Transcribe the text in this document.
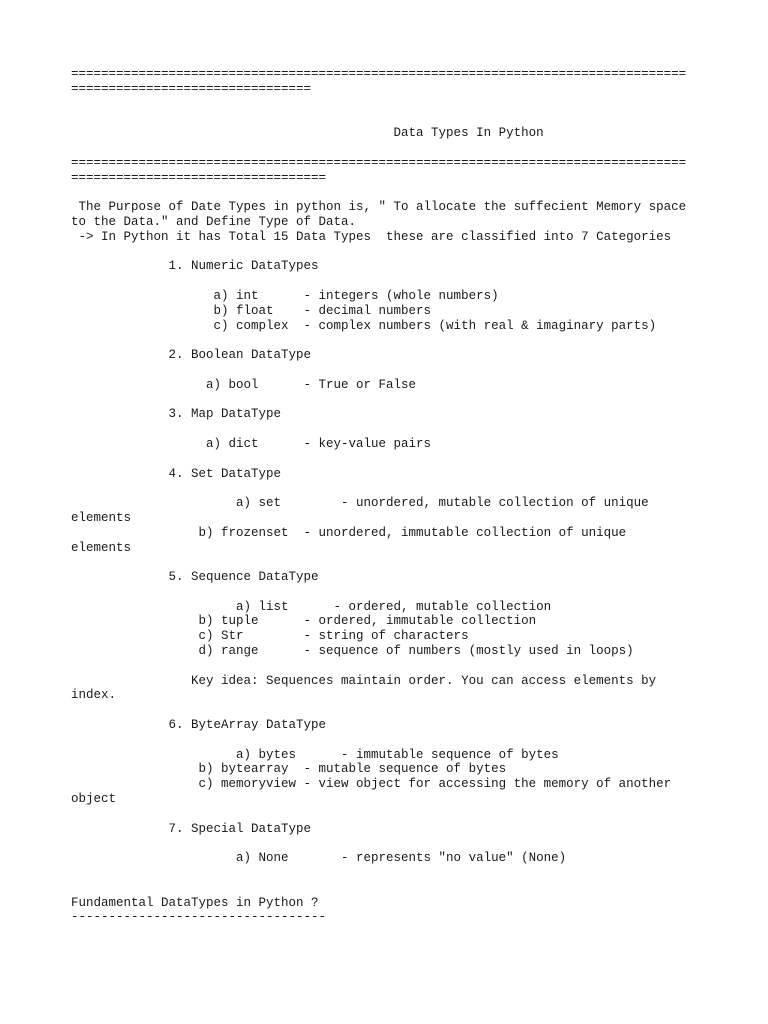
==================================================================================
================================
Data Types In Python
==================================================================================
==================================
The Purpose of Date Types in python is, " To allocate the suffecient Memory space
to the Data." and Define Type of Data.
-> In Python it has Total 15 Data Types  these are classified into 7 Categories
1. Numeric DataTypes
a) int      - integers (whole numbers)
b) float    - decimal numbers
c) complex  - complex numbers (with real & imaginary parts)
2. Boolean DataType
a) bool      - True or False
3. Map DataType
a) dict      - key-value pairs
4. Set DataType
a) set        - unordered, mutable collection of unique
elements
b) frozenset  - unordered, immutable collection of unique
elements
5. Sequence DataType
a) list      - ordered, mutable collection
b) tuple      - ordered, immutable collection
c) Str        - string of characters
d) range      - sequence of numbers (mostly used in loops)
Key idea: Sequences maintain order. You can access elements by
index.
6. ByteArray DataType
a) bytes      - immutable sequence of bytes
b) bytearray  - mutable sequence of bytes
c) memoryview - view object for accessing the memory of another
object
7. Special DataType
a) None       - represents "no value" (None)
Fundamental DataTypes in Python ?
----------------------------------
